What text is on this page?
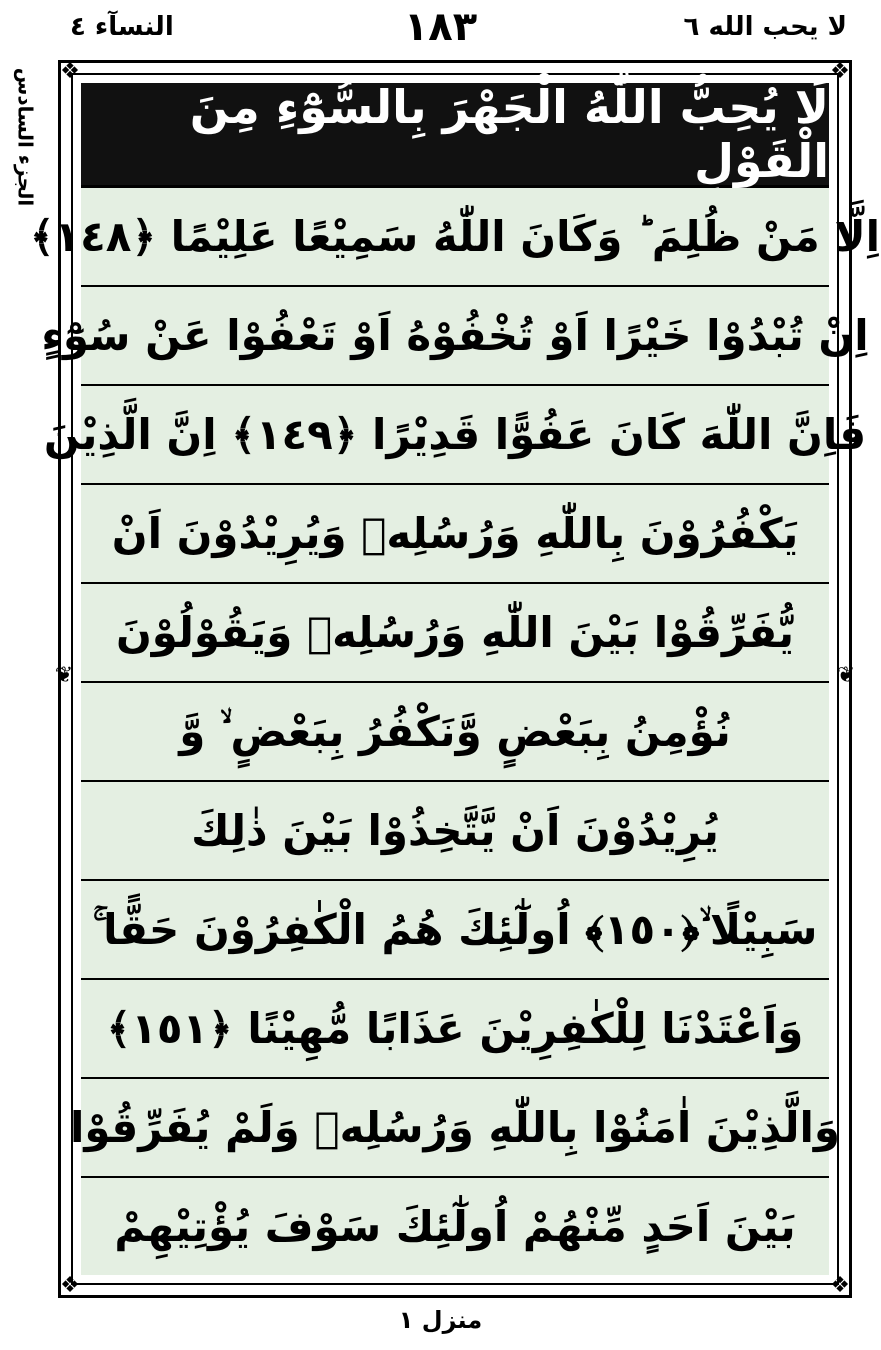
النسآء ٤	١٨٣	لا يحب الله ٦
الجزء السادس ❖	❖
❖	❖
❦	❦
لَا يُحِبُّ اللّٰهُ الْجَهْرَ بِالسُّوْٓءِ مِنَ الْقَوْلِ
اِلَّا مَنْ ظُلِمَ ؕ وَكَانَ اللّٰهُ سَمِيْعًا عَلِيْمًا ﴿١٤٨﴾
اِنْ تُبْدُوْا خَيْرًا اَوْ تُخْفُوْهُ اَوْ تَعْفُوْا عَنْ سُوْٓءٍ
فَاِنَّ اللّٰهَ كَانَ عَفُوًّا قَدِيْرًا ﴿١٤٩﴾ اِنَّ الَّذِيْنَ
يَكْفُرُوْنَ بِاللّٰهِ وَرُسُلِهٖ وَيُرِيْدُوْنَ اَنْ
يُّفَرِّقُوْا بَيْنَ اللّٰهِ وَرُسُلِهٖ وَيَقُوْلُوْنَ
نُؤْمِنُ بِبَعْضٍ وَّنَكْفُرُ بِبَعْضٍ ۙ وَّ
يُرِيْدُوْنَ اَنْ يَّتَّخِذُوْا بَيْنَ ذٰلِكَ
سَبِيْلًا ۙ﴿١٥٠﴾ اُولٰٓئِكَ هُمُ الْكٰفِرُوْنَ حَقًّا ۚ
وَاَعْتَدْنَا لِلْكٰفِرِيْنَ عَذَابًا مُّهِيْنًا ﴿١٥١﴾
وَالَّذِيْنَ اٰمَنُوْا بِاللّٰهِ وَرُسُلِهٖ وَلَمْ يُفَرِّقُوْا
بَيْنَ اَحَدٍ مِّنْهُمْ اُولٰٓئِكَ سَوْفَ يُؤْتِيْهِمْ
منزل ١
